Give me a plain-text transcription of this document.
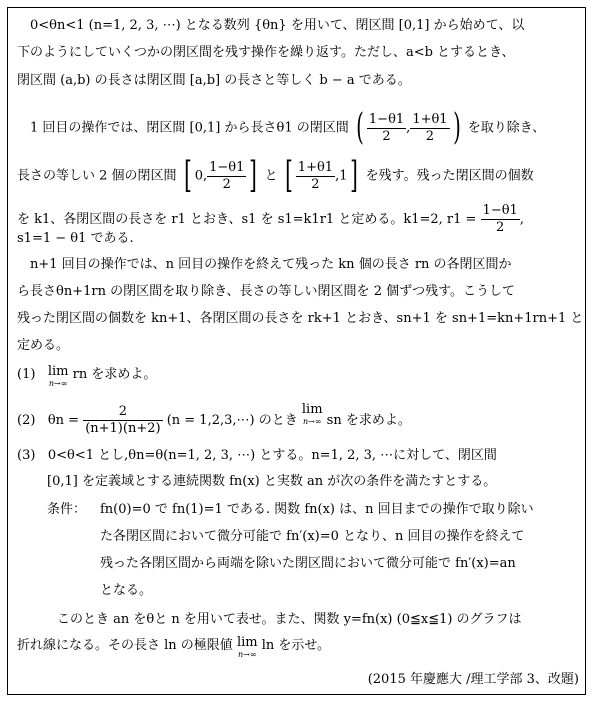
0<θn<1 (n=1, 2, 3, ⋯) となる数列 {θn} を用いて、閉区間 [0,1] から始めて、以
下のようにしていくつかの閉区間を残す操作を繰り返す。ただし、a<b とするとき、
閉区間 (a,b) の長さは閉区間 [a,b] の長さと等しく b − a である。
1 回目の操作では、閉区間 [0,1] から長さθ1 の閉区間 ( $\frac{1-\theta 1}{2}$ , $\frac{1+\theta 1}{2}$ ) を取り除き、
長さの等しい 2 個の閉区間 [ 0, $\frac{1-\theta 1}{2}$ ] と [ $\frac{1+\theta 1}{2} ,1$] を残す。残った閉区間の個数
を k1、各閉区間の長さを r1 とおき、s1 を s1=k1r1 と定める。k1=2, $r1 = \frac{1-\theta 1}{2}$ ,
s1=1 − θ1 である.
n+1 回目の操作では、n 回目の操作を終えて残った kn 個の長さ rn の各閉区間か
ら長さθn+1rn の閉区間を取り除き、長さの等しい閉区間を 2 個ずつ残す。こうして
残った閉区間の個数を kn+1、各閉区間の長さを rk+1 とおき、sn+1 を sn+1=kn+1rn+1 と
定める。
(1) lim
n→∞
rn を求めよ。
(2) $\theta n = \frac{2}{(n+1)(n+2)} (n$ = 1,2,3,⋯) のとき
lim
n→∞ sn を求めよ。
(3) 0<θ<1 とし,θn=θ(n=1, 2, 3, ⋯) とする。n=1, 2, 3, ⋯に対して、閉区間
[0,1] を定義域とする連続関数 fn(x) と実数 an が次の条件を満たすとする。
条件： fn(0)=0 で fn(1)=1 である. 関数 fn(x) は、n 回目までの操作で取り除い
た各閉区間において微分可能で fn′(x)=0 となり、n 回目の操作を終えて
残った各閉区間から両端を除いた閉区間において微分可能で fn′(x)=an
となる。
このとき an をθと n を用いて表せ。また、関数 y=fn(x) (0≦x≦1) のグラフは
折れ線になる。その長さ ln の極限値 lim
n→∞
ln を示せ。
(2015 年慶應大 /理工学部 3、改題)
